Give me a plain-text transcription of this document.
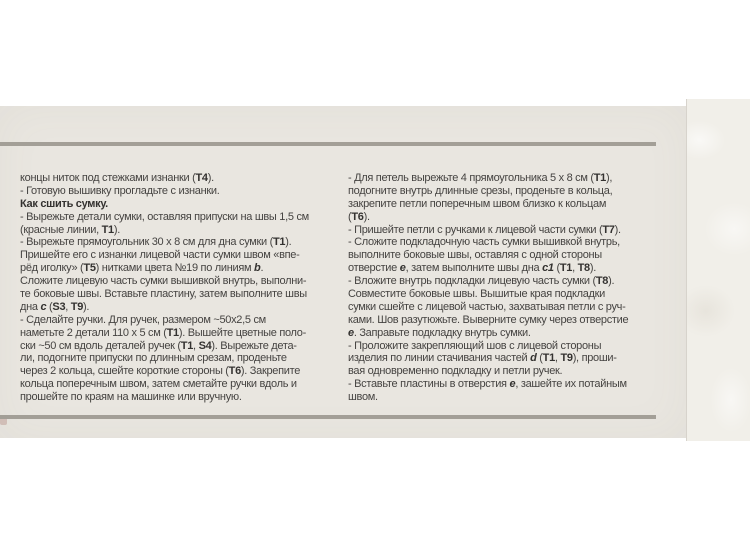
концы ниток под стежками изнанки (Т4).
- Готовую вышивку прогладьте с изнанки.
Как сшить сумку.
- Вырежьте детали сумки, оставляя припуски на швы 1,5 см
(красные линии, Т1).
- Вырежьте прямоугольник 30 х 8 см для дна сумки (Т1).
Пришейте его с изнанки лицевой части сумки швом «впе-
рёд иголку» (Т5) нитками цвета №19 по линиям b.
Сложите лицевую часть сумки вышивкой внутрь, выполни-
те боковые швы. Вставьте пластину, затем выполните швы
дна c (S3, Т9).
- Сделайте ручки. Для ручек, размером ~50х2,5 см
наметьте 2 детали 110 х 5 см (Т1). Вышейте цветные поло-
ски ~50 см вдоль деталей ручек (Т1, S4). Вырежьте дета-
ли, подогните припуски по длинным срезам, проденьте
через 2 кольца, сшейте короткие стороны (Т6). Закрепите
кольца поперечным швом, затем сметайте ручки вдоль и
прошейте по краям на машинке или вручную.
- Для петель вырежьте 4 прямоугольника 5 х 8 см (Т1),
подогните внутрь длинные срезы, проденьте в кольца,
закрепите петли поперечным швом близко к кольцам
(Т6).
- Пришейте петли с ручками к лицевой части сумки (Т7).
- Сложите подкладочную часть сумки вышивкой внутрь,
выполните боковые швы, оставляя с одной стороны
отверстие e, затем выполните швы дна c1 (Т1, Т8).
- Вложите внутрь подкладки лицевую часть сумки (Т8).
Совместите боковые швы. Вышитые края подкладки
сумки сшейте с лицевой частью, захватывая петли с руч-
ками. Шов разутюжьте. Выверните сумку через отверстие
e. Заправьте подкладку внутрь сумки.
- Проложите закрепляющий шов с лицевой стороны
изделия по линии стачивания частей d (Т1, Т9), проши-
вая одновременно подкладку и петли ручек.
- Вставьте пластины в отверстия e, зашейте их потайным
швом.
